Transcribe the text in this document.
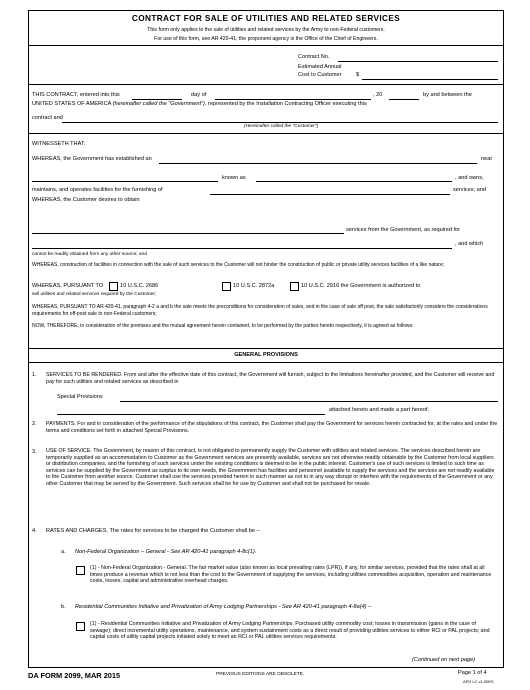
CONTRACT FOR SALE OF UTILITIES AND RELATED SERVICES
This form only applies to the sale of utilities and related services by the Army to non-Federal customers.
For use of this form, see AR 420-41; the proponent agency is the Office of the Chief of Engineers.
Contract No.
Estimated Annual
Cost to Customer	$
THIS CONTRACT, entered into this	day of	, 20	by and between the
UNITED STATES OF AMERICA (hereinafter called the "Government"), represented by the Installation Contracting Officer executing this
contract and
(Hereinafter called the "Customer")
WITNESSETH THAT:
WHEREAS, the Government has established an	near
known as	, and owns,
maintains, and operates facilities for the furnishing of	services; and
WHEREAS, the Customer desires to obtain
services from the Government, as required for
, and which
cannot be readily obtained from any other source; and
WHEREAS, construction of facilities in connection with the sale of such services to the Customer will not hinder the construction of public or private utility services facilities of a like nature;
WHEREAS, PURSUANT TO	10 U.S.C. 2686	10 U.S.C. 2872a	10 U.S.C. 2916 the Government is authorized to
sell utilities and related services required by the Customer;
WHEREAS, PURSUANT TO AR 420-41, paragraph 4-2 a and b the sale meets the preconditions for consideration of sales, and in the case of sale off post, the sale satisfactorily considers the considerations requirements for off-post sale to non-Federal customers;
NOW, THEREFORE, in consideration of the premises and the mutual agreement herein contained, to be performed by the parties hereto respectively, it is agreed as follows:
GENERAL PROVISIONS
1. SERVICES TO BE RENDERED. From and after the effective date of this contract, the Government will furnish, subject to the limitations hereinafter provided, and the Customer will receive and pay for such utilities and related services as described in
Special Provisions
attached hereto and made a part hereof.
2. PAYMENTS. For and in consideration of the performance of the stipulations of this contract, the Customer shall pay the Government for services herein contracted for, at the rates and under the terms and conditions set forth in attached Special Provisions.
3. USE OF SERVICE. The Government, by reason of this contract, is not obligated to permanently supply the Customer with utilities and related services. The services described herein are temporarily supplied as an accommodation to Customer as the Government services are presently available, services are not otherwise readily obtainable by the Customer from local suppliers or distribution companies, and the furnishing of such services under the existing conditions is deemed to be in the public interest. Customer's use of such services is limited to such time as services can be supplied by the Government as surplus to its own needs, the Government has facilities and personnel available to supply the services and the services are not readily available to the Customer from another source. Customer shall use the services provided herein in such manner as not to in any way disrupt or interfere with the requirements of the Government or any other Customer that may be served by the Government. Such services shall be for use by Customer and shall not be purchased for resale.
4. RATES AND CHARGES. The rates for services to be charged the Customer shall be –
a. Non-Federal Organization – General - See AR 420-41 paragraph 4-8c(1).
(1) - Non-Federal Organization - General. The fair market value (also known as local prevailing rates (LPR)), if any, for similar services, provided that the rates shall at all times produce a revenue which is not less than the cost to the Government of supplying the services, including utilities commodities acquisition, operation and maintenance costs, losses, capital and administrative overhead charges.
b. Residential Communities Initiative and Privatization of Army Lodging Partnerships - See AR 420-41 paragraph 4-8a(4) –
(1) - Residential Communities Initiative and Privatization of Army Lodging Partnerships. Purchased utility commodity cost; losses in transmission (gains in the case of sewage); direct incremental utility operations, maintenance, and system sustainment costs as a direct result of providing utilities services to either RCI or PAL projects; and capital costs of utility capital projects initiated solely to meet an RCI or PAL utilities services requirements.
(Continued on next page)
DA FORM 2099, MAR 2015	PREVIOUS EDITIONS ARE OBSOLETE.	Page 1 of 4
APD LC v1.00ES
